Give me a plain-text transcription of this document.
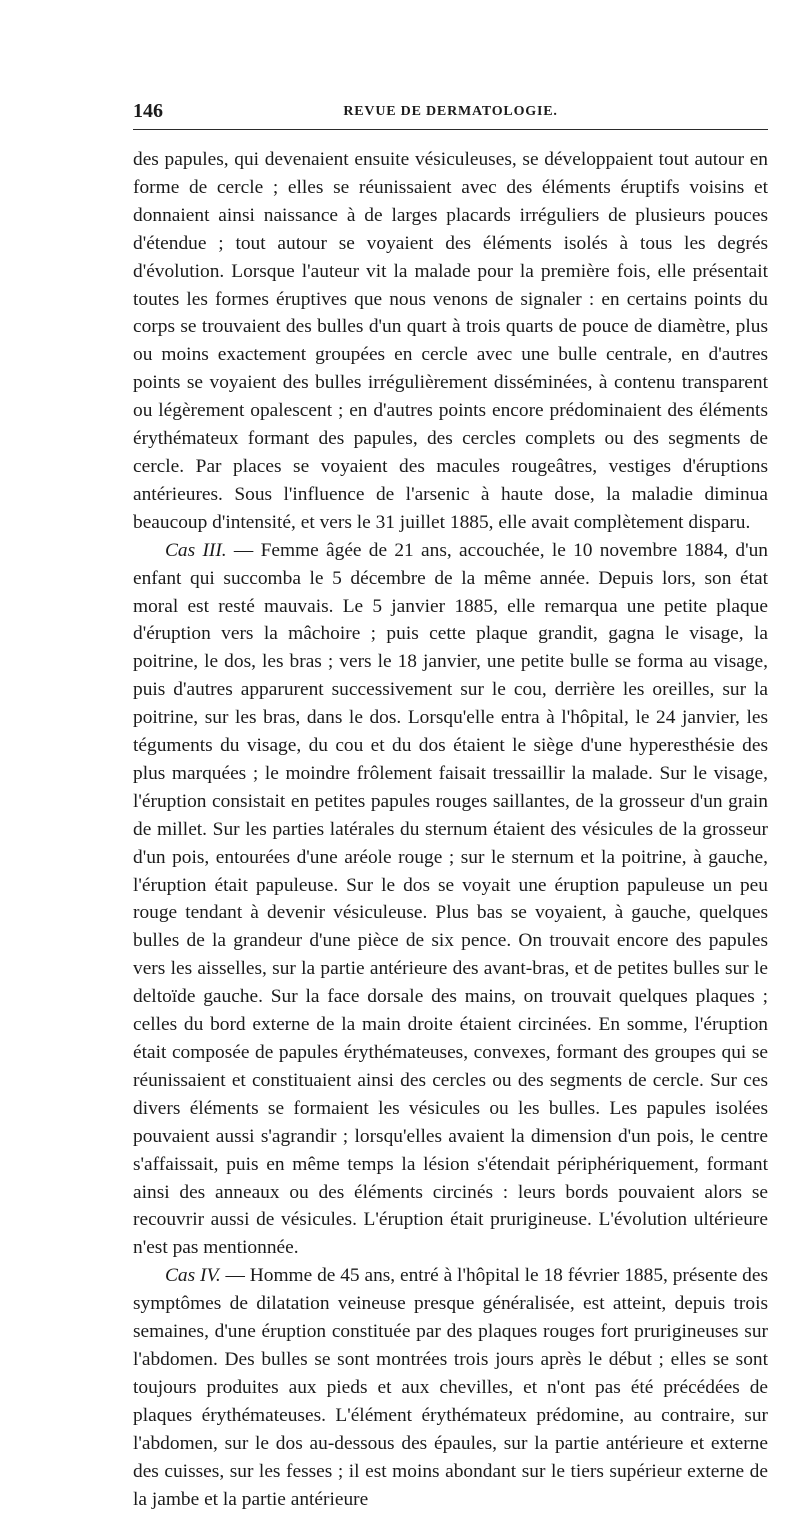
146	REVUE DE DERMATOLOGIE.

des papules, qui devenaient ensuite vésiculeuses, se développaient tout autour en forme de cercle ; elles se réunissaient avec des éléments éruptifs voisins et donnaient ainsi naissance à de larges placards irréguliers de plusieurs pouces d'étendue ; tout autour se voyaient des éléments isolés à tous les degrés d'évolution. Lorsque l'auteur vit la malade pour la première fois, elle présentait toutes les formes éruptives que nous venons de signaler : en certains points du corps se trouvaient des bulles d'un quart à trois quarts de pouce de diamètre, plus ou moins exactement groupées en cercle avec une bulle centrale, en d'autres points se voyaient des bulles irrégulièrement disséminées, à contenu transparent ou légèrement opalescent ; en d'autres points encore prédominaient des éléments érythémateux formant des papules, des cercles complets ou des segments de cercle. Par places se voyaient des macules rougeâtres, vestiges d'éruptions antérieures. Sous l'influence de l'arsenic à haute dose, la maladie diminua beaucoup d'intensité, et vers le 31 juillet 1885, elle avait complètement disparu.

Cas III. — Femme âgée de 21 ans, accouchée, le 10 novembre 1884, d'un enfant qui succomba le 5 décembre de la même année. Depuis lors, son état moral est resté mauvais. Le 5 janvier 1885, elle remarqua une petite plaque d'éruption vers la mâchoire ; puis cette plaque grandit, gagna le visage, la poitrine, le dos, les bras ; vers le 18 janvier, une petite bulle se forma au visage, puis d'autres apparurent successivement sur le cou, derrière les oreilles, sur la poitrine, sur les bras, dans le dos. Lorsqu'elle entra à l'hôpital, le 24 janvier, les téguments du visage, du cou et du dos étaient le siège d'une hyperesthésie des plus marquées ; le moindre frôlement faisait tressaillir la malade. Sur le visage, l'éruption consistait en petites papules rouges saillantes, de la grosseur d'un grain de millet. Sur les parties latérales du sternum étaient des vésicules de la grosseur d'un pois, entourées d'une aréole rouge ; sur le sternum et la poitrine, à gauche, l'éruption était papuleuse. Sur le dos se voyait une éruption papuleuse un peu rouge tendant à devenir vésiculeuse. Plus bas se voyaient, à gauche, quelques bulles de la grandeur d'une pièce de six pence. On trouvait encore des papules vers les aisselles, sur la partie antérieure des avant-bras, et de petites bulles sur le deltoïde gauche. Sur la face dorsale des mains, on trouvait quelques plaques ; celles du bord externe de la main droite étaient circinées. En somme, l'éruption était composée de papules érythémateuses, convexes, formant des groupes qui se réunissaient et constituaient ainsi des cercles ou des segments de cercle. Sur ces divers éléments se formaient les vésicules ou les bulles. Les papules isolées pouvaient aussi s'agrandir ; lorsqu'elles avaient la dimension d'un pois, le centre s'affaissait, puis en même temps la lésion s'étendait périphériquement, formant ainsi des anneaux ou des éléments circinés : leurs bords pouvaient alors se recouvrir aussi de vésicules. L'éruption était prurigineuse. L'évolution ultérieure n'est pas mentionnée.

Cas IV. — Homme de 45 ans, entré à l'hôpital le 18 février 1885, présente des symptômes de dilatation veineuse presque généralisée, est atteint, depuis trois semaines, d'une éruption constituée par des plaques rouges fort prurigineuses sur l'abdomen. Des bulles se sont montrées trois jours après le début ; elles se sont toujours produites aux pieds et aux chevilles, et n'ont pas été précédées de plaques érythémateuses. L'élément érythémateux prédomine, au contraire, sur l'abdomen, sur le dos au-dessous des épaules, sur la partie antérieure et externe des cuisses, sur les fesses ; il est moins abondant sur le tiers supérieur externe de la jambe et la partie antérieure
